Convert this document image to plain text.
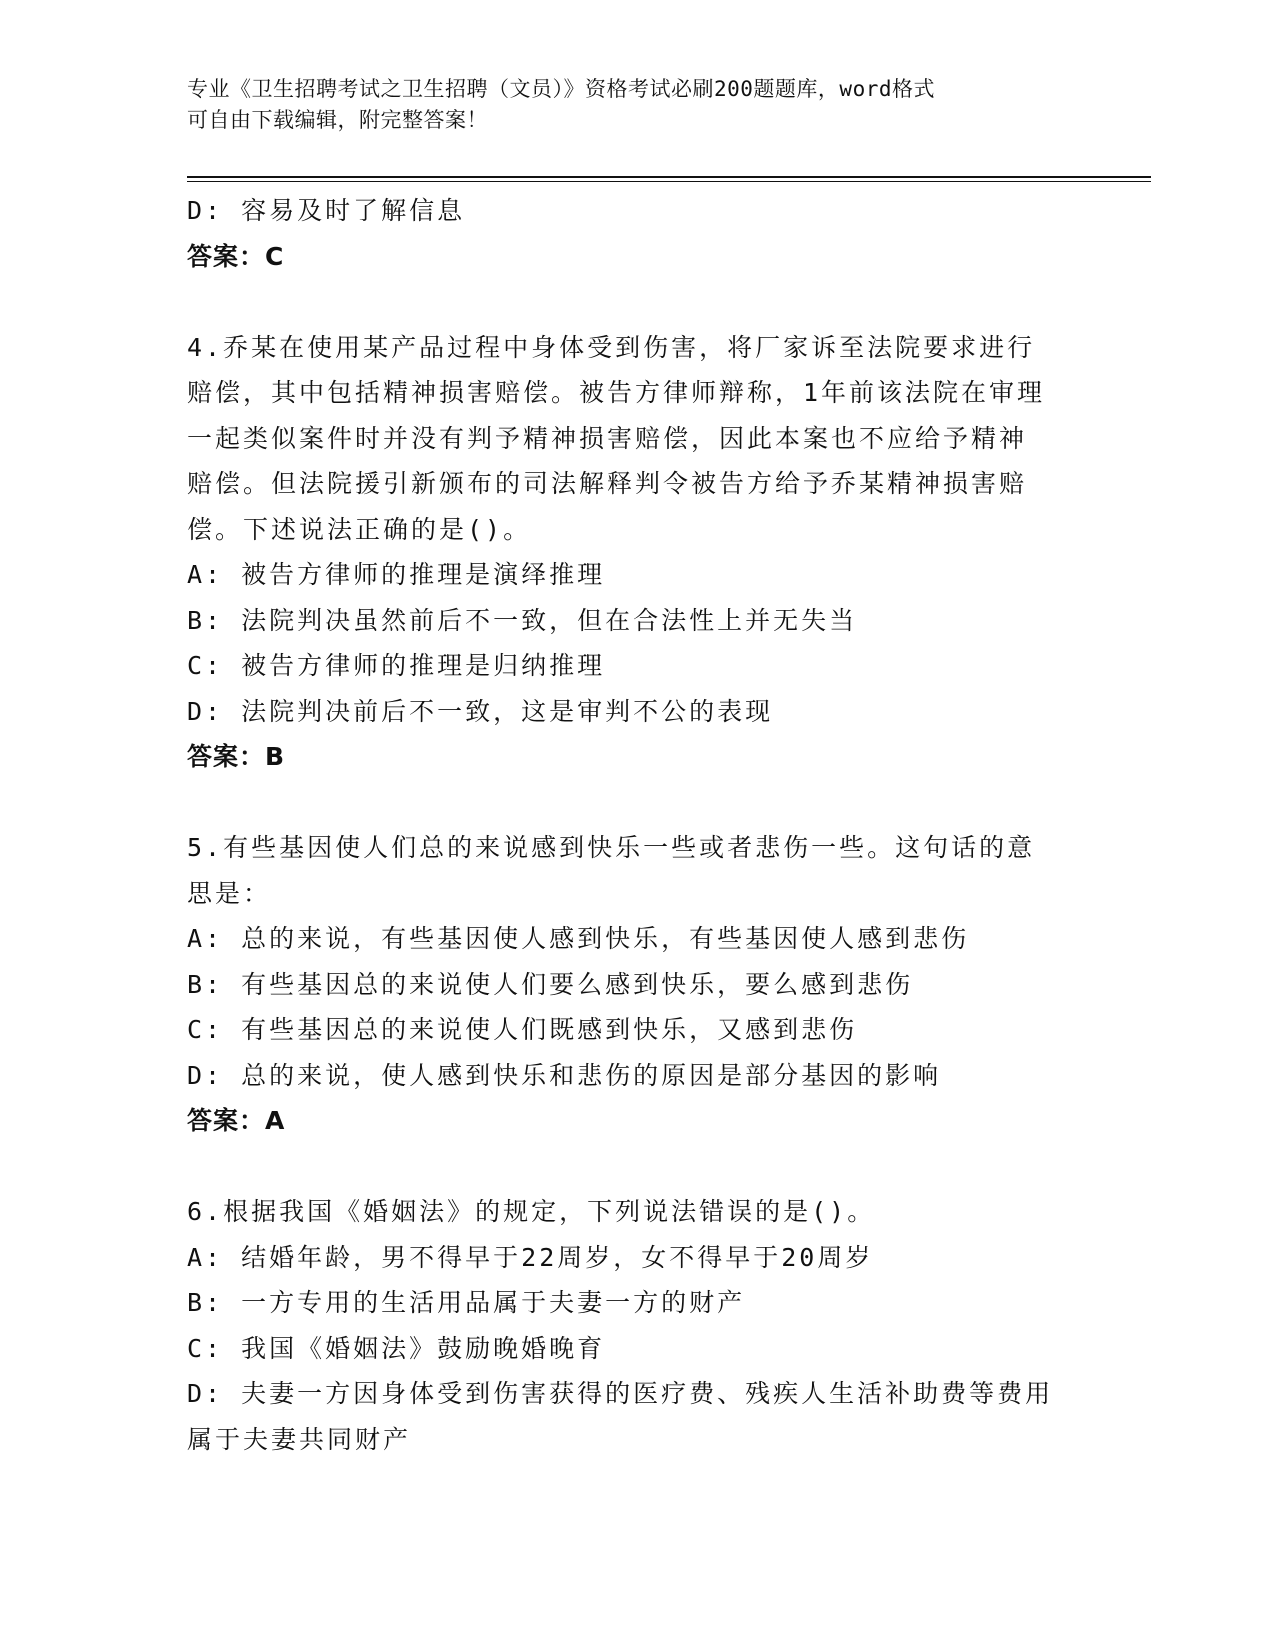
专业《卫生招聘考试之卫生招聘（文员）》资格考试必刷200题题库，word格式
可自由下载编辑，附完整答案！
D: 容易及时了解信息
答案：C
4.乔某在使用某产品过程中身体受到伤害，将厂家诉至法院要求进行
赔偿，其中包括精神损害赔偿。被告方律师辩称，1年前该法院在审理
一起类似案件时并没有判予精神损害赔偿，因此本案也不应给予精神
赔偿。但法院援引新颁布的司法解释判令被告方给予乔某精神损害赔
偿。下述说法正确的是()。
A: 被告方律师的推理是演绎推理
B: 法院判决虽然前后不一致，但在合法性上并无失当
C: 被告方律师的推理是归纳推理
D: 法院判决前后不一致，这是审判不公的表现
答案：B
5.有些基因使人们总的来说感到快乐一些或者悲伤一些。这句话的意
思是：
A: 总的来说，有些基因使人感到快乐，有些基因使人感到悲伤
B: 有些基因总的来说使人们要么感到快乐，要么感到悲伤
C: 有些基因总的来说使人们既感到快乐，又感到悲伤
D: 总的来说，使人感到快乐和悲伤的原因是部分基因的影响
答案：A
6.根据我国《婚姻法》的规定，下列说法错误的是()。
A: 结婚年龄，男不得早于22周岁，女不得早于20周岁
B: 一方专用的生活用品属于夫妻一方的财产
C: 我国《婚姻法》鼓励晚婚晚育
D: 夫妻一方因身体受到伤害获得的医疗费、残疾人生活补助费等费用
属于夫妻共同财产
